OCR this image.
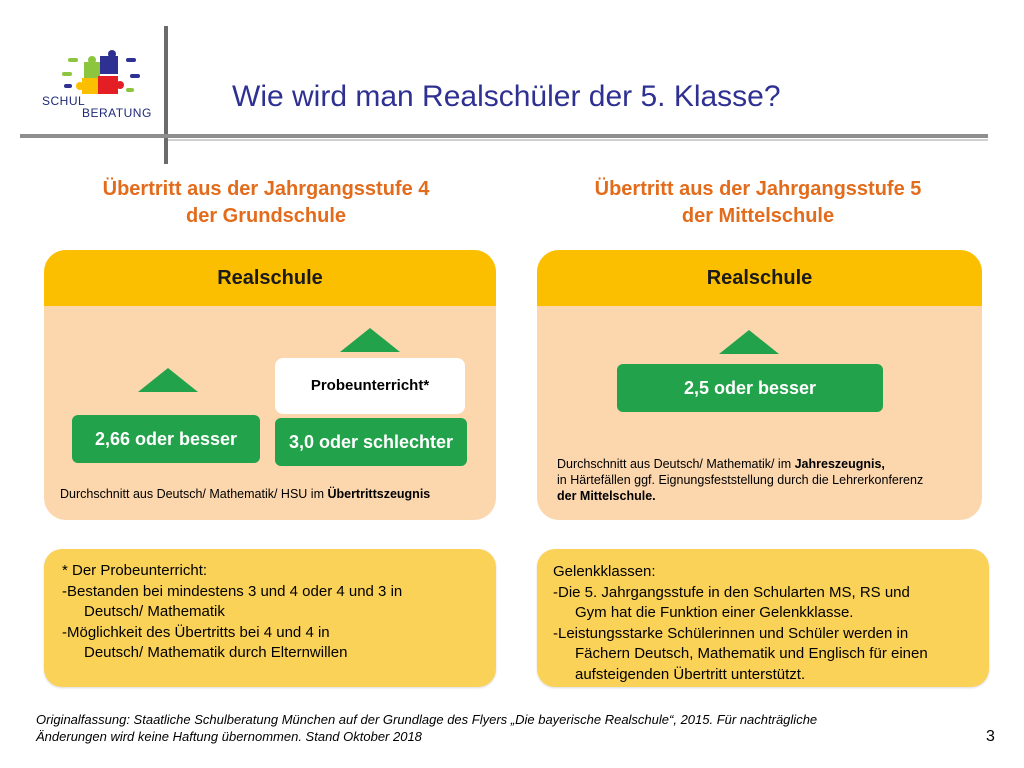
SCHUL
BERATUNG	Wie wird man Realschüler der 5. Klasse?
Übertritt aus der Jahrgangsstufe 4
der Grundschule
Realschule
2,66 oder besser
Probeunterricht*
3,0 oder schlechter
Durchschnitt aus Deutsch/ Mathematik/ HSU im Übertrittszeugnis
Übertritt aus der Jahrgangsstufe 5
der Mittelschule
Realschule
2,5 oder besser
Durchschnitt aus Deutsch/ Mathematik/ im Jahreszeugnis,
in Härtefällen ggf. Eignungsfeststellung durch die Lehrerkonferenz
der Mittelschule.
* Der Probeunterricht:
-Bestanden bei mindestens 3 und 4 oder 4 und 3 in
Deutsch/ Mathematik
-Möglichkeit des Übertritts bei 4 und 4 in
Deutsch/ Mathematik durch Elternwillen
Gelenkklassen:
-Die 5. Jahrgangsstufe in den Schularten MS, RS und
Gym hat die Funktion einer Gelenkklasse.
-Leistungsstarke Schülerinnen und Schüler werden in
Fächern Deutsch, Mathematik und Englisch für einen
aufsteigenden Übertritt unterstützt.
Originalfassung: Staatliche Schulberatung München auf der Grundlage des Flyers „Die bayerische Realschule“, 2015. Für nachträgliche
Änderungen wird keine Haftung übernommen. Stand Oktober 2018	3
